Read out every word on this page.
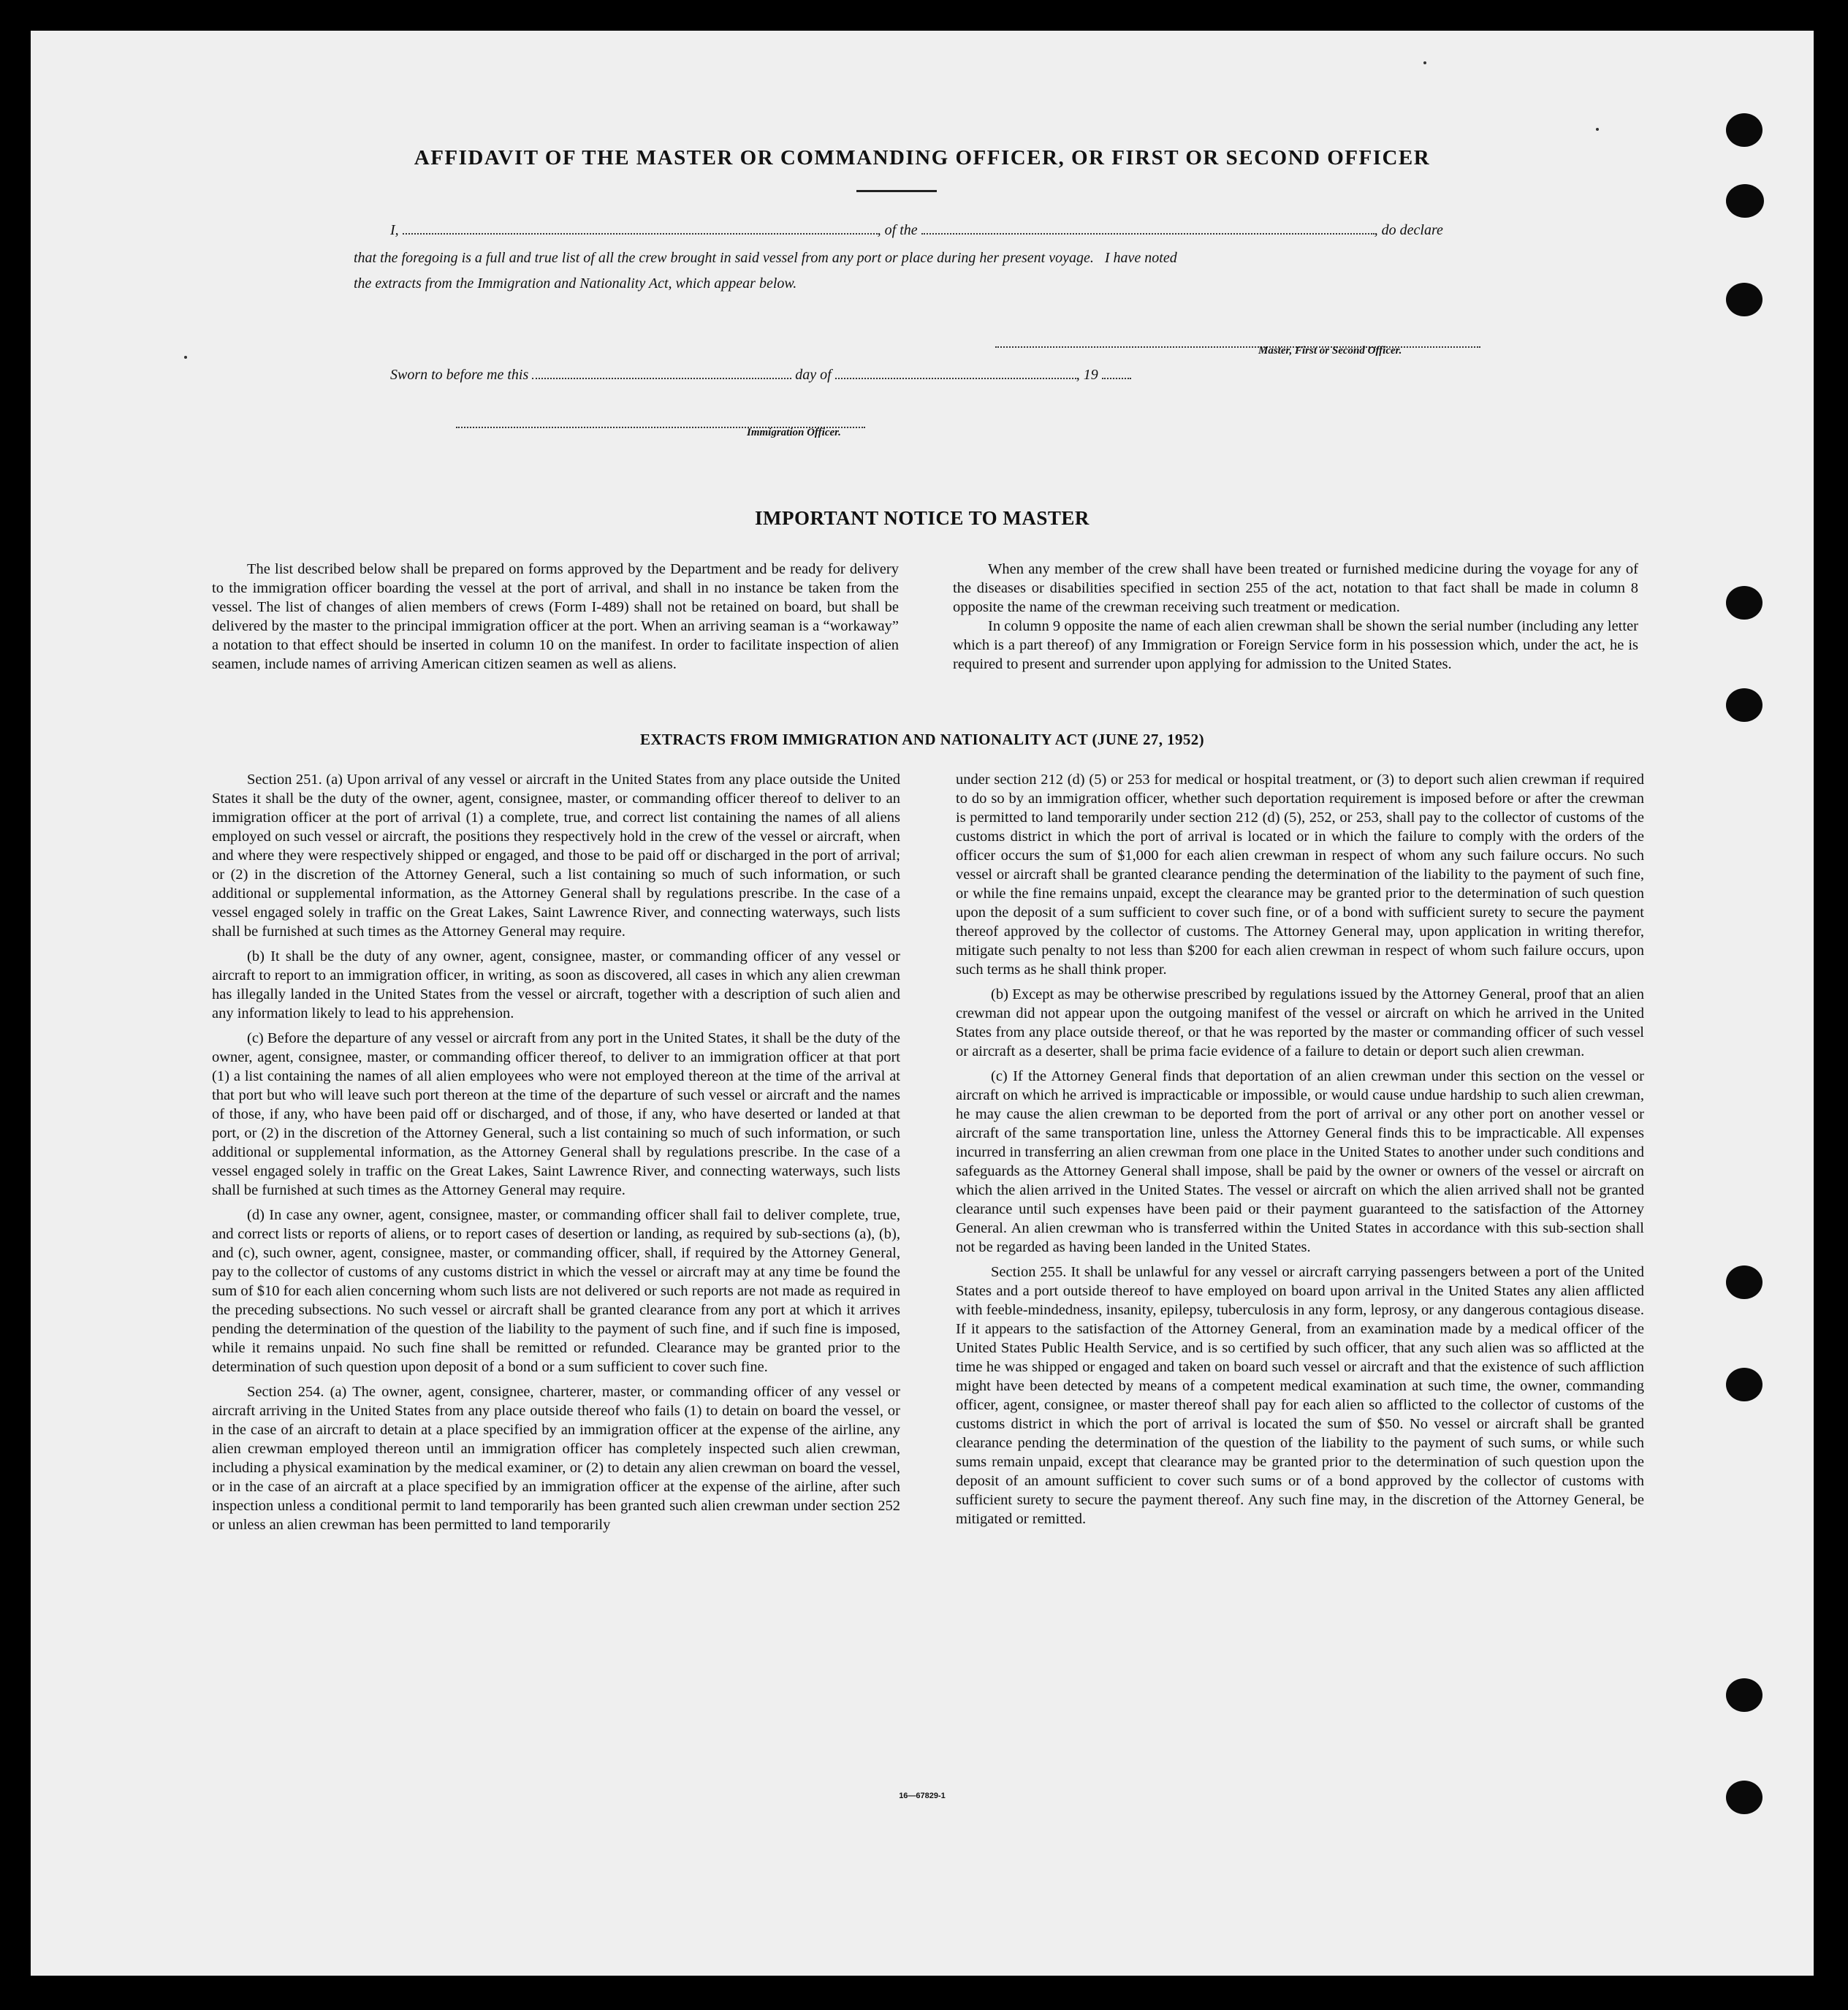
AFFIDAVIT OF THE MASTER OR COMMANDING OFFICER, OR FIRST OR SECOND OFFICER
I,	, of the	, do declare
that the foregoing is a full and true list of all the crew brought in said vessel from any port or place during her present voyage.   I have noted
the extracts from the Immigration and Nationality Act, which appear below.
Master, First or Second Officer.
Sworn to before me this	day of	, 19
Immigration Officer.
IMPORTANT NOTICE TO MASTER

The list described below shall be prepared on forms approved by the Department and be ready for delivery to the immigration officer boarding the vessel at the port of arrival, and shall in no instance be taken from the vessel. The list of changes of alien members of crews (Form I-489) shall not be retained on board, but shall be delivered by the master to the principal immigration officer at the port. When an arriving seaman is a “workaway” a notation to that effect should be inserted in column 10 on the manifest. In order to facilitate inspection of alien seamen, include names of arriving American citizen seamen as well as aliens.

When any member of the crew shall have been treated or furnished medicine during the voyage for any of the diseases or disabilities specified in section 255 of the act, notation to that fact shall be made in column 8 opposite the name of the crewman receiving such treatment or medication.

In column 9 opposite the name of each alien crewman shall be shown the serial number (including any letter which is a part thereof) of any Immigration or Foreign Service form in his possession which, under the act, he is required to present and surrender upon applying for admission to the United States.

EXTRACTS FROM IMMIGRATION AND NATIONALITY ACT (JUNE 27, 1952)

Section 251. (a) Upon arrival of any vessel or aircraft in the United States from any place outside the United States it shall be the duty of the owner, agent, consignee, master, or commanding officer thereof to deliver to an immigration officer at the port of arrival (1) a complete, true, and correct list containing the names of all aliens employed on such vessel or aircraft, the positions they respectively hold in the crew of the vessel or aircraft, when and where they were respectively shipped or engaged, and those to be paid off or discharged in the port of arrival; or (2) in the discretion of the Attorney General, such a list containing so much of such information, or such additional or supplemental information, as the Attorney General shall by regulations prescribe. In the case of a vessel engaged solely in traffic on the Great Lakes, Saint Lawrence River, and connecting waterways, such lists shall be furnished at such times as the Attorney General may require.

(b) It shall be the duty of any owner, agent, consignee, master, or commanding officer of any vessel or aircraft to report to an immigration officer, in writing, as soon as discovered, all cases in which any alien crewman has illegally landed in the United States from the vessel or aircraft, together with a description of such alien and any information likely to lead to his apprehension.

(c) Before the departure of any vessel or aircraft from any port in the United States, it shall be the duty of the owner, agent, consignee, master, or commanding officer thereof, to deliver to an immigration officer at that port (1) a list containing the names of all alien employees who were not employed thereon at the time of the arrival at that port but who will leave such port thereon at the time of the departure of such vessel or aircraft and the names of those, if any, who have been paid off or discharged, and of those, if any, who have deserted or landed at that port, or (2) in the discretion of the Attorney General, such a list containing so much of such information, or such additional or supplemental information, as the Attorney General shall by regulations prescribe. In the case of a vessel engaged solely in traffic on the Great Lakes, Saint Lawrence River, and connecting waterways, such lists shall be furnished at such times as the Attorney General may require.

(d) In case any owner, agent, consignee, master, or commanding officer shall fail to deliver complete, true, and correct lists or reports of aliens, or to report cases of desertion or landing, as required by sub-sections (a), (b), and (c), such owner, agent, consignee, master, or commanding officer, shall, if required by the Attorney General, pay to the collector of customs of any customs district in which the vessel or aircraft may at any time be found the sum of $10 for each alien concerning whom such lists are not delivered or such reports are not made as required in the preceding subsections. No such vessel or aircraft shall be granted clearance from any port at which it arrives pending the determination of the question of the liability to the payment of such fine, and if such fine is imposed, while it remains unpaid. No such fine shall be remitted or refunded. Clearance may be granted prior to the determination of such question upon deposit of a bond or a sum sufficient to cover such fine.

Section 254. (a) The owner, agent, consignee, charterer, master, or commanding officer of any vessel or aircraft arriving in the United States from any place outside thereof who fails (1) to detain on board the vessel, or in the case of an aircraft to detain at a place specified by an immigration officer at the expense of the airline, any alien crewman employed thereon until an immigration officer has completely inspected such alien crewman, including a physical examination by the medical examiner, or (2) to detain any alien crewman on board the vessel, or in the case of an aircraft at a place specified by an immigration officer at the expense of the airline, after such inspection unless a conditional permit to land temporarily has been granted such alien crewman under section 252 or unless an alien crewman has been permitted to land temporarily

under section 212 (d) (5) or 253 for medical or hospital treatment, or (3) to deport such alien crewman if required to do so by an immigration officer, whether such deportation requirement is imposed before or after the crewman is permitted to land temporarily under section 212 (d) (5), 252, or 253, shall pay to the collector of customs of the customs district in which the port of arrival is located or in which the failure to comply with the orders of the officer occurs the sum of $1,000 for each alien crewman in respect of whom any such failure occurs. No such vessel or aircraft shall be granted clearance pending the determination of the liability to the payment of such fine, or while the fine remains unpaid, except the clearance may be granted prior to the determination of such question upon the deposit of a sum sufficient to cover such fine, or of a bond with sufficient surety to secure the payment thereof approved by the collector of customs. The Attorney General may, upon application in writing therefor, mitigate such penalty to not less than $200 for each alien crewman in respect of whom such failure occurs, upon such terms as he shall think proper.

(b) Except as may be otherwise prescribed by regulations issued by the Attorney General, proof that an alien crewman did not appear upon the outgoing manifest of the vessel or aircraft on which he arrived in the United States from any place outside thereof, or that he was reported by the master or commanding officer of such vessel or aircraft as a deserter, shall be prima facie evidence of a failure to detain or deport such alien crewman.

(c) If the Attorney General finds that deportation of an alien crewman under this section on the vessel or aircraft on which he arrived is impracticable or impossible, or would cause undue hardship to such alien crewman, he may cause the alien crewman to be deported from the port of arrival or any other port on another vessel or aircraft of the same transportation line, unless the Attorney General finds this to be impracticable. All expenses incurred in transferring an alien crewman from one place in the United States to another under such conditions and safeguards as the Attorney General shall impose, shall be paid by the owner or owners of the vessel or aircraft on which the alien arrived in the United States. The vessel or aircraft on which the alien arrived shall not be granted clearance until such expenses have been paid or their payment guaranteed to the satisfaction of the Attorney General. An alien crewman who is transferred within the United States in accordance with this sub-section shall not be regarded as having been landed in the United States.

Section 255. It shall be unlawful for any vessel or aircraft carrying passengers between a port of the United States and a port outside thereof to have employed on board upon arrival in the United States any alien afflicted with feeble-mindedness, insanity, epilepsy, tuberculosis in any form, leprosy, or any dangerous contagious disease. If it appears to the satisfaction of the Attorney General, from an examination made by a medical officer of the United States Public Health Service, and is so certified by such officer, that any such alien was so afflicted at the time he was shipped or engaged and taken on board such vessel or aircraft and that the existence of such affliction might have been detected by means of a competent medical examination at such time, the owner, commanding officer, agent, consignee, or master thereof shall pay for each alien so afflicted to the collector of customs of the customs district in which the port of arrival is located the sum of $50. No vessel or aircraft shall be granted clearance pending the determination of the question of the liability to the payment of such sums, or while such sums remain unpaid, except that clearance may be granted prior to the determination of such question upon the deposit of an amount sufficient to cover such sums or of a bond approved by the collector of customs with sufficient surety to secure the payment thereof. Any such fine may, in the discretion of the Attorney General, be mitigated or remitted.

16—67829-1
